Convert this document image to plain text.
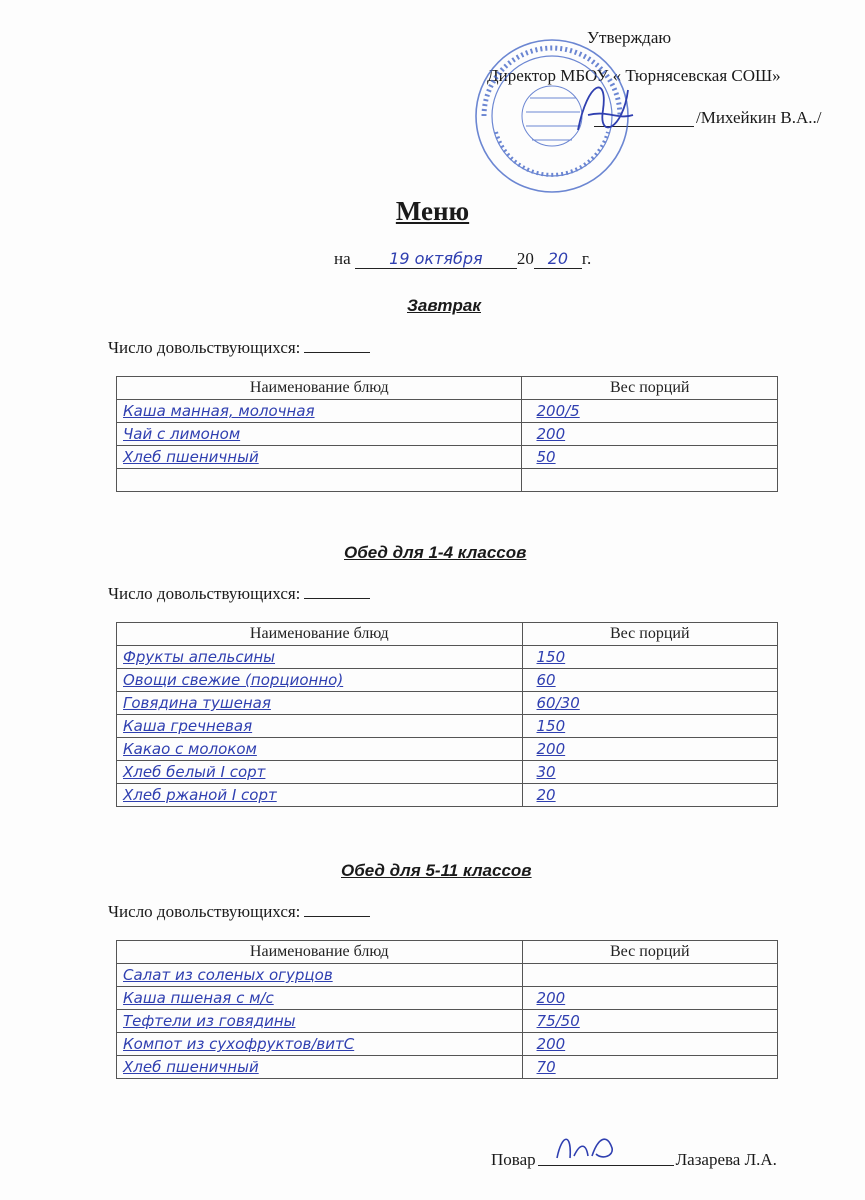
Утверждаю
Директор МБОУ « Тюрнясевская СОШ»
/Михейкин В.А../
Меню
на 19 октября 20 20 г.
Завтрак
Число довольствующихся:
Наименование блюд	Вес порций
Каша манная, молочная	200/5
Чай с лимоном	200
Хлеб пшеничный	50

Обед для 1-4 классов
Число довольствующихся:
Наименование блюд	Вес порций
Фрукты апельсины	150
Овощи свежие (порционно)	60
Говядина тушеная	60/30
Каша гречневая	150
Какао с молоком	200
Хлеб белый I сорт	30
Хлеб ржаной I сорт	20
Обед для 5-11 классов
Число довольствующихся:
Наименование блюд	Вес порций
Салат из соленых огурцов	
Каша пшеная с м/с	200
Тефтели из говядины	75/50
Компот из сухофруктов/витС	200
Хлеб пшеничный	70
Повар	Лазарева Л.А.
